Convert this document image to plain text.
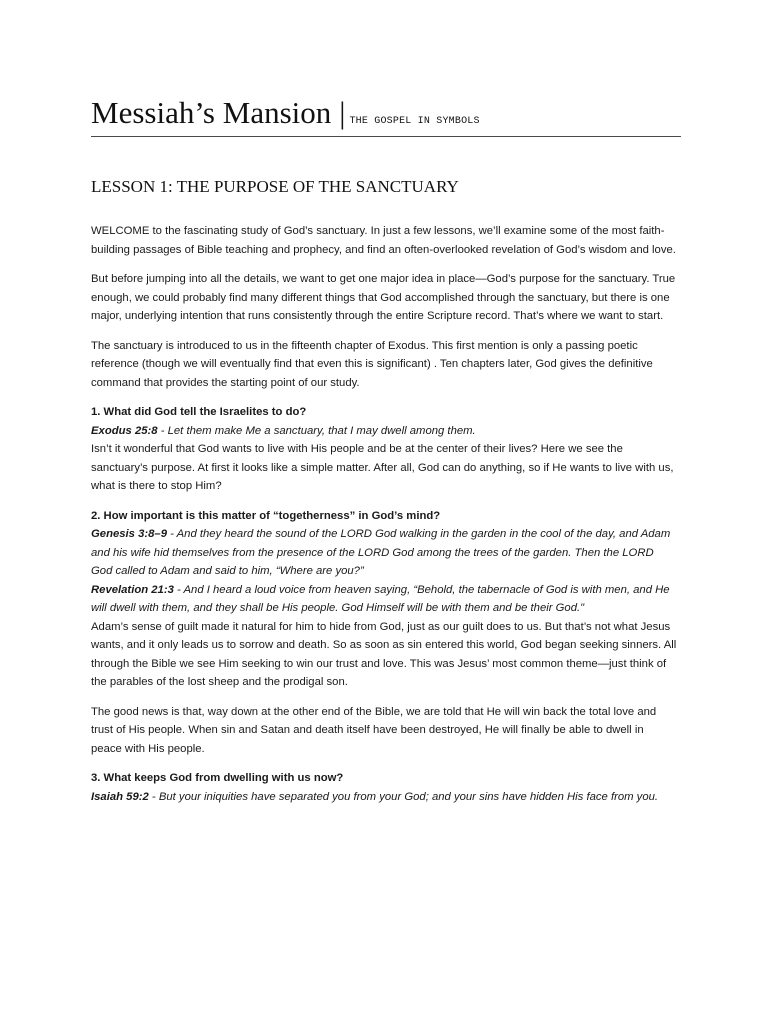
Messiah’s Mansion | THE GOSPEL IN SYMBOLS
LESSON 1: THE PURPOSE OF THE SANCTUARY

WELCOME to the fascinating study of God’s sanctuary. In just a few lessons, we’ll examine some of the most faith-building passages of Bible teaching and prophecy, and find an often-overlooked revelation of God’s wisdom and love.

But before jumping into all the details, we want to get one major idea in place—God’s purpose for the sanctuary. True enough, we could probably find many different things that God accomplished through the sanctuary, but there is one major, underlying intention that runs consistently through the entire Scripture record. That’s where we want to start.

The sanctuary is introduced to us in the fifteenth chapter of Exodus. This first mention is only a passing poetic reference (though we will eventually find that even this is significant) . Ten chapters later, God gives the definitive command that provides the starting point of our study.

1. What did God tell the Israelites to do?

Exodus 25:8 - Let them make Me a sanctuary, that I may dwell among them.

Isn’t it wonderful that God wants to live with His people and be at the center of their lives? Here we see the sanctuary’s purpose. At first it looks like a simple matter. After all, God can do anything, so if He wants to live with us, what is there to stop Him?

2. How important is this matter of “togetherness” in God’s mind?

Genesis 3:8–9 - And they heard the sound of the LORD God walking in the garden in the cool of the day, and Adam and his wife hid themselves from the presence of the LORD God among the trees of the garden. Then the LORD God called to Adam and said to him, “Where are you?”

Revelation 21:3 - And I heard a loud voice from heaven saying, “Behold, the tabernacle of God is with men, and He will dwell with them, and they shall be His people. God Himself will be with them and be their God."

Adam’s sense of guilt made it natural for him to hide from God, just as our guilt does to us. But that’s not what Jesus wants, and it only leads us to sorrow and death. So as soon as sin entered this world, God began seeking sinners. All through the Bible we see Him seeking to win our trust and love. This was Jesus’ most common theme—just think of the parables of the lost sheep and the prodigal son.

The good news is that, way down at the other end of the Bible, we are told that He will win back the total love and trust of His people. When sin and Satan and death itself have been destroyed, He will finally be able to dwell in peace with His people.

3. What keeps God from dwelling with us now?

Isaiah 59:2 - But your iniquities have separated you from your God; and your sins have hidden His face from you.
